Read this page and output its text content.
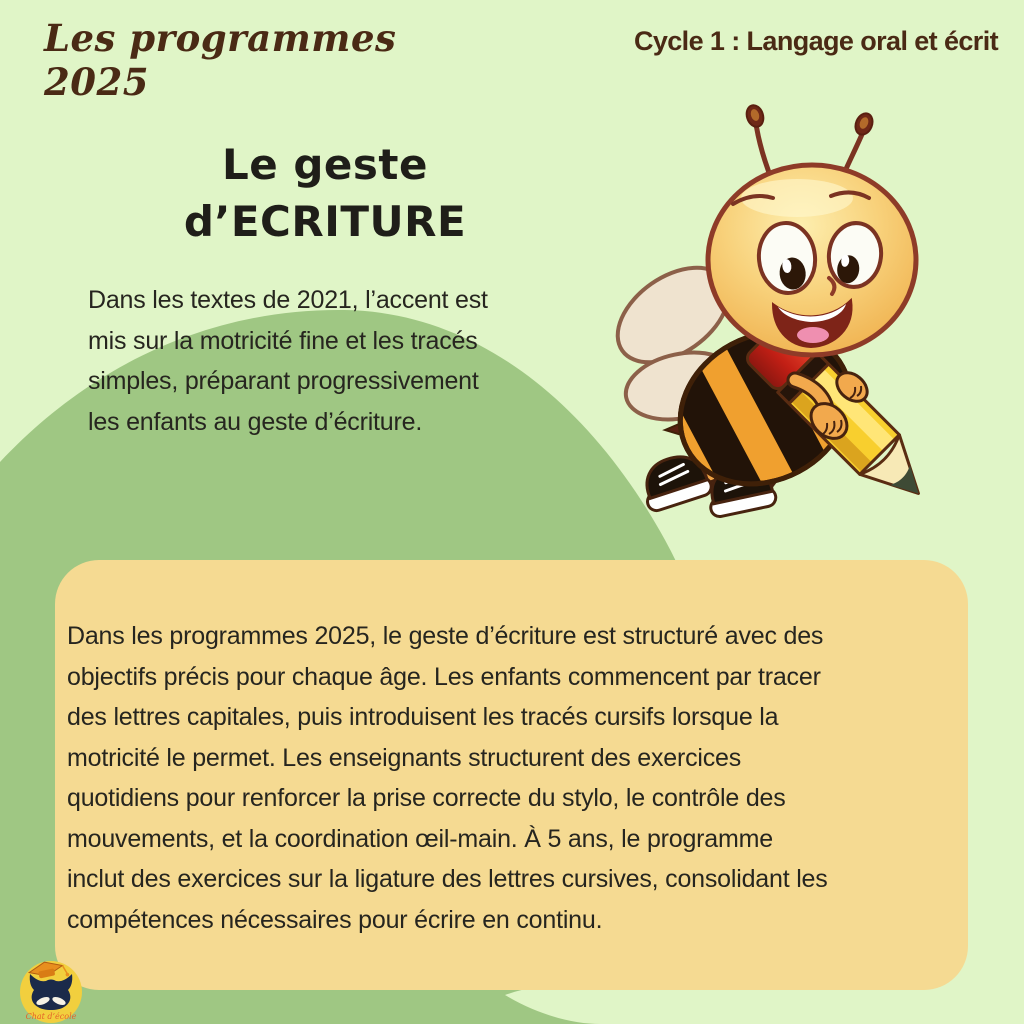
Les programmes 2025
Cycle 1 : Langage oral et écrit
Le geste
d’ECRITURE
Dans les textes de 2021, l’accent est
mis sur la motricité fine et les tracés
simples, préparant progressivement
les enfants au geste d’écriture.
Dans les programmes 2025, le geste d’écriture est structuré avec des
objectifs précis pour chaque âge. Les enfants commencent par tracer
des lettres capitales, puis introduisent les tracés cursifs lorsque la
motricité le permet. Les enseignants structurent des exercices
quotidiens pour renforcer la prise correcte du stylo, le contrôle des
mouvements, et la coordination œil-main. À 5 ans, le programme
inclut des exercices sur la ligature des lettres cursives, consolidant les
compétences nécessaires pour écrire en continu.
Chat d’école
